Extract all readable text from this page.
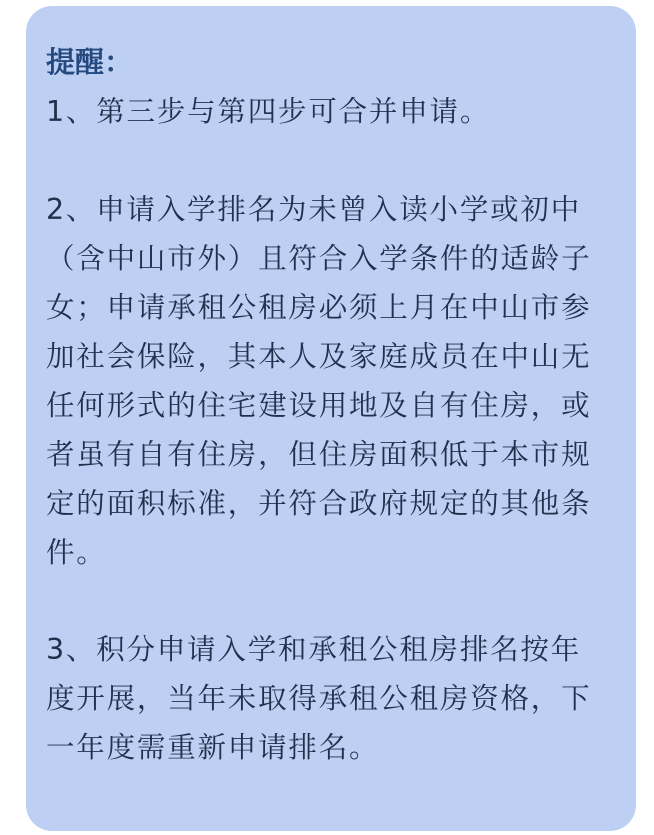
提醒：
1、第三步与第四步可合并申请。
2、申请入学排名为未曾入读小学或初中
（含中山市外）且符合入学条件的适龄子
女；申请承租公租房必须上月在中山市参
加社会保险，其本人及家庭成员在中山无
任何形式的住宅建设用地及自有住房，或
者虽有自有住房，但住房面积低于本市规
定的面积标准，并符合政府规定的其他条
件。
3、积分申请入学和承租公租房排名按年
度开展，当年未取得承租公租房资格，下
一年度需重新申请排名。
